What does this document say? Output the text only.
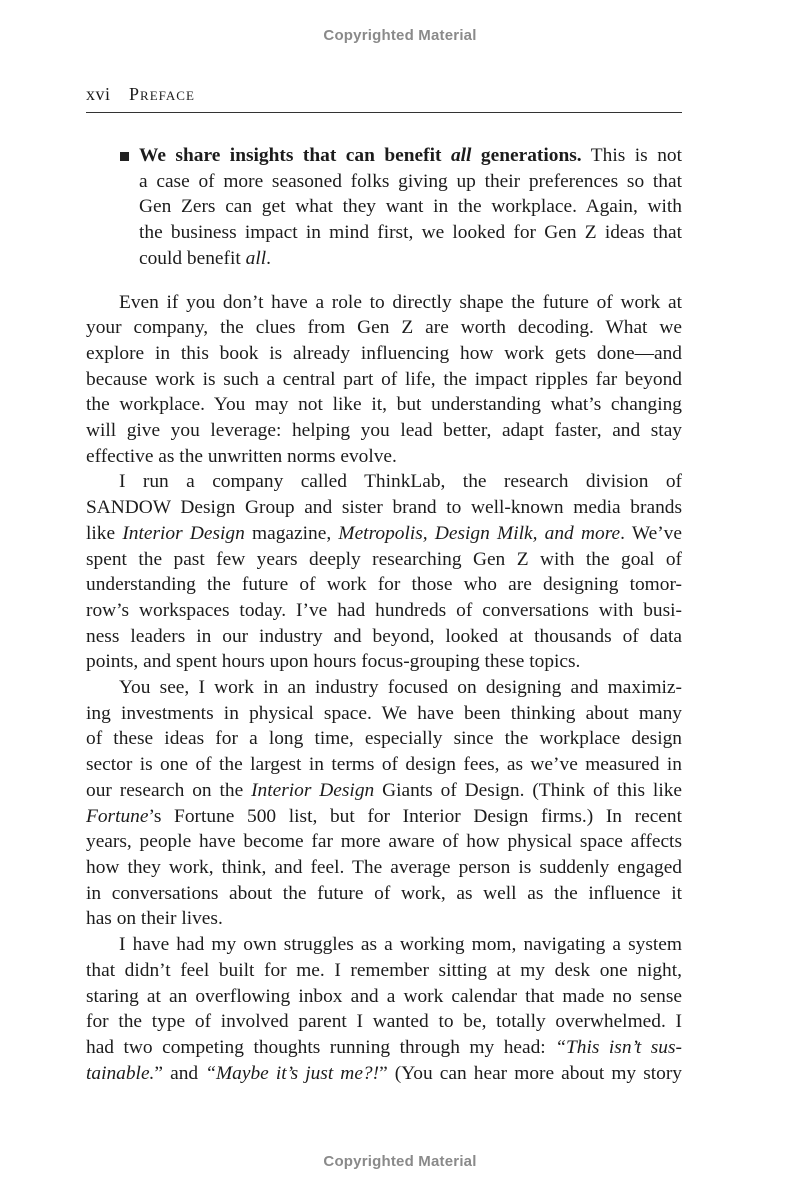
Copyrighted Material
xvi Preface
We share insights that can benefit all generations. This is not
a case of more seasoned folks giving up their preferences so that
Gen Zers can get what they want in the workplace. Again, with
the business impact in mind first, we looked for Gen Z ideas that
could benefit all.
Even if you don’t have a role to directly shape the future of work at
your company, the clues from Gen Z are worth decoding. What we
explore in this book is already influencing how work gets done—and
because work is such a central part of life, the impact ripples far beyond
the workplace. You may not like it, but understanding what’s changing
will give you leverage: helping you lead better, adapt faster, and stay
effective as the unwritten norms evolve.
I run a company called ThinkLab, the research division of
SANDOW Design Group and sister brand to well-known media brands
like Interior Design magazine, Metropolis, Design Milk, and more. We’ve
spent the past few years deeply researching Gen Z with the goal of
understanding the future of work for those who are designing tomor-
row’s workspaces today. I’ve had hundreds of conversations with busi-
ness leaders in our industry and beyond, looked at thousands of data
points, and spent hours upon hours focus-grouping these topics.
You see, I work in an industry focused on designing and maximiz-
ing investments in physical space. We have been thinking about many
of these ideas for a long time, especially since the workplace design
sector is one of the largest in terms of design fees, as we’ve measured in
our research on the Interior Design Giants of Design. (Think of this like
Fortune’s Fortune 500 list, but for Interior Design firms.) In recent
years, people have become far more aware of how physical space affects
how they work, think, and feel. The average person is suddenly engaged
in conversations about the future of work, as well as the influence it
has on their lives.
I have had my own struggles as a working mom, navigating a system
that didn’t feel built for me. I remember sitting at my desk one night,
staring at an overflowing inbox and a work calendar that made no sense
for the type of involved parent I wanted to be, totally overwhelmed. I
had two competing thoughts running through my head: “This isn’t sus-
tainable.” and “Maybe it’s just me?!” (You can hear more about my story
Copyrighted Material
